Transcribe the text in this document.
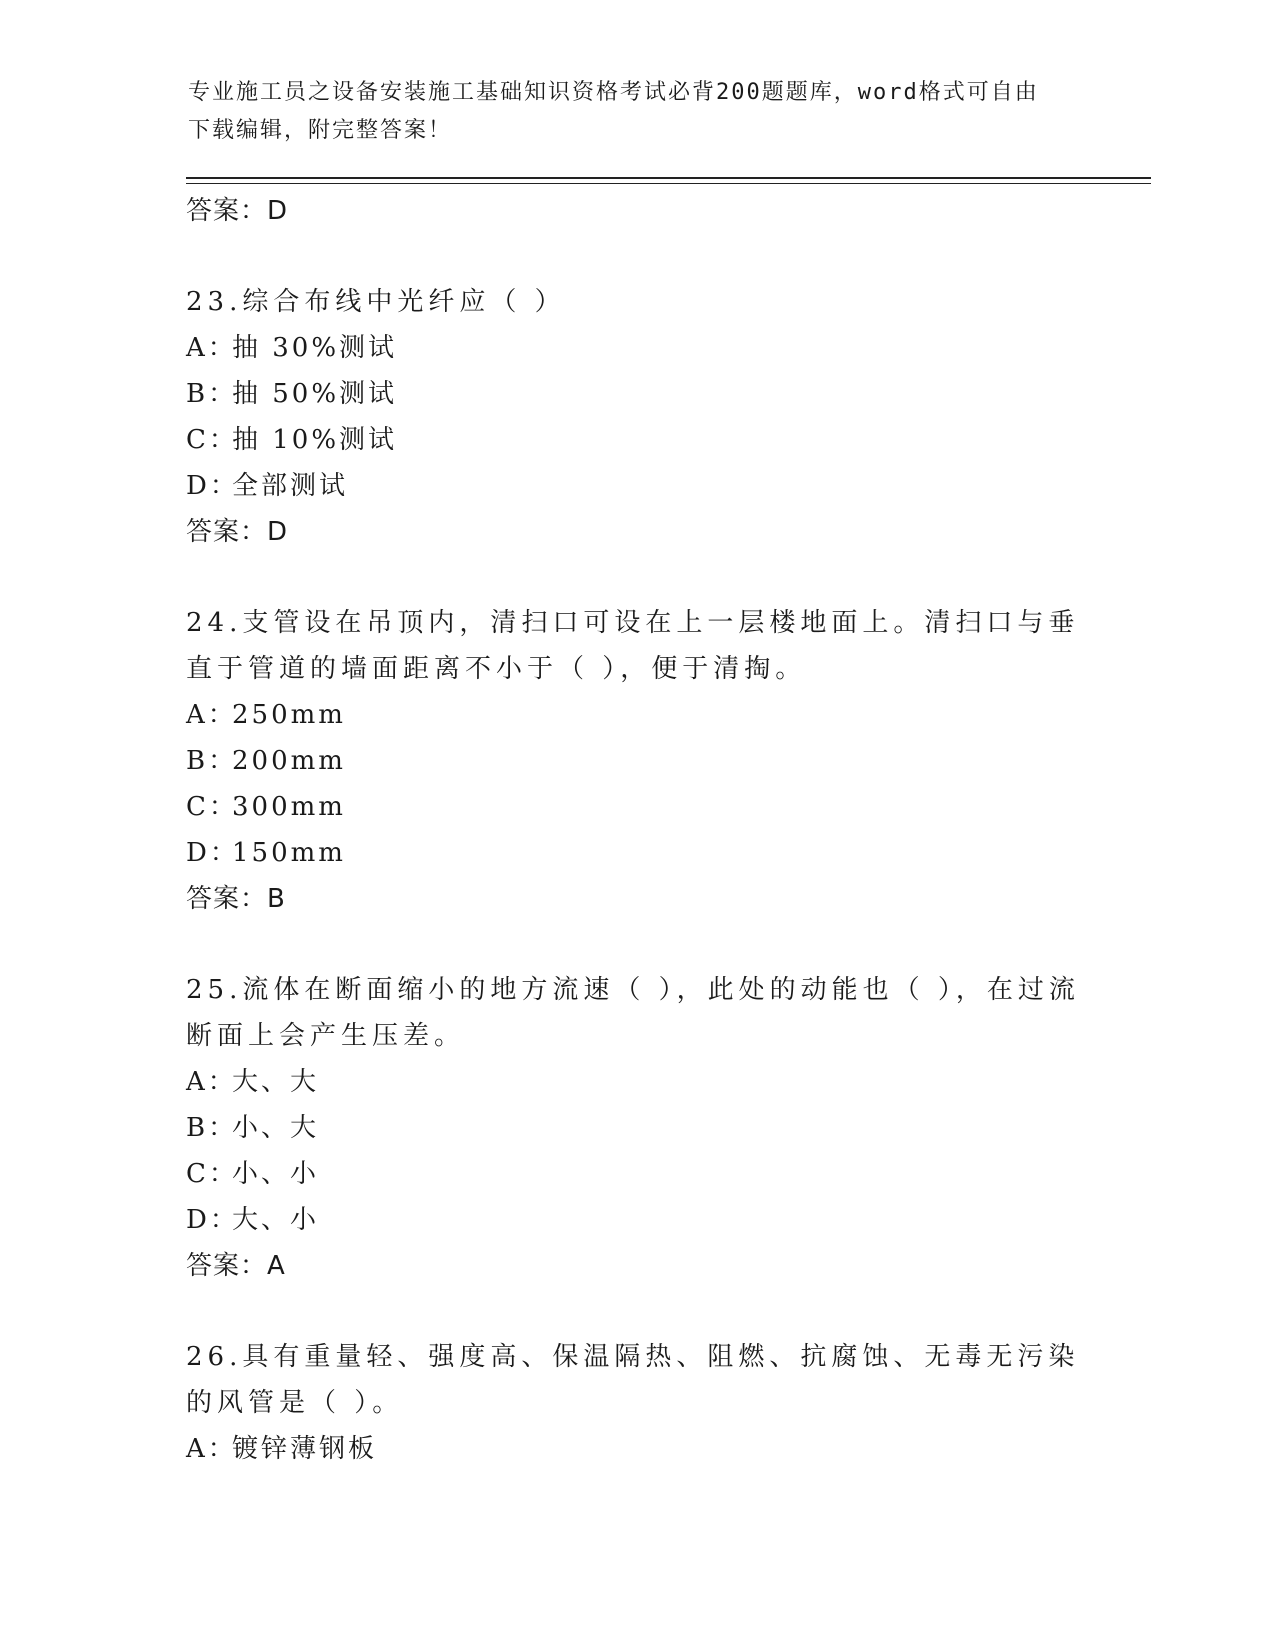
专业施工员之设备安装施工基础知识资格考试必背200题题库，word格式可自由
下载编辑，附完整答案！
答案：D
23.综合布线中光纤应（ ）
A：抽 30%测试
B：抽 50%测试
C：抽 10%测试
D：全部测试
答案：D
24.支管设在吊顶内，清扫口可设在上一层楼地面上。清扫口与垂直于管道的墙面距离不小于（ ），便于清掏。
A：250mm
B：200mm
C：300mm
D：150mm
答案：B
25.流体在断面缩小的地方流速（ ），此处的动能也（ ），在过流断面上会产生压差。
A：大、大
B：小、大
C：小、小
D：大、小
答案：A
26.具有重量轻、强度高、保温隔热、阻燃、抗腐蚀、无毒无污染的风管是（ ）。
A：镀锌薄钢板
